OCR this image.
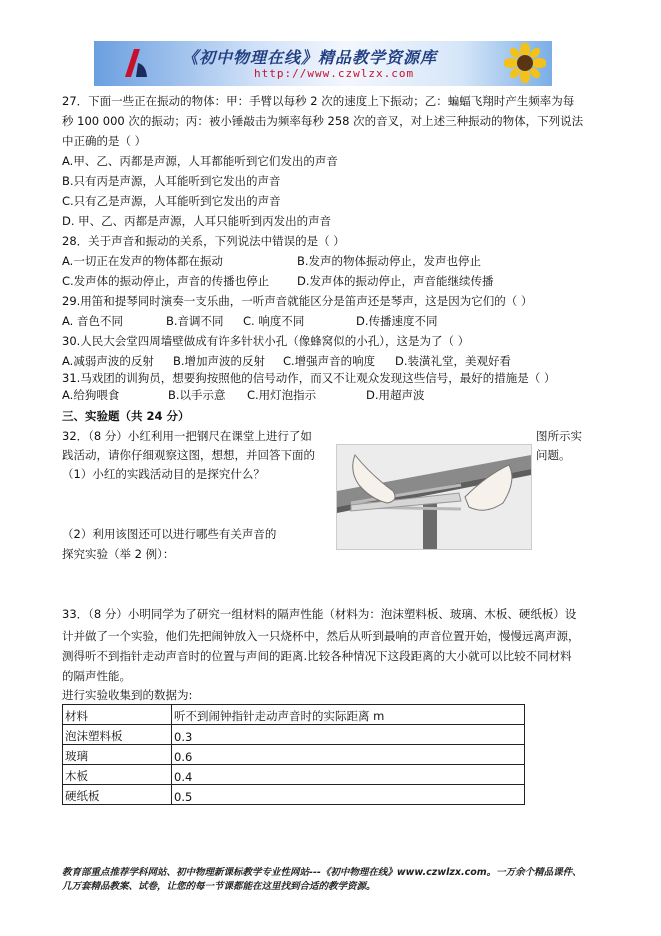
《初中物理在线》精品教学资源库
http://www.czwlzx.com
27．下面一些正在振动的物体：甲：手臂以每秒 2 次的速度上下振动；乙：蝙蝠飞翔时产生频率为每
秒 100 000 次的振动；丙：被小锤敲击为频率每秒 258 次的音叉，对上述三种振动的物体，下列说法
中正确的是（ ）
A.甲、乙、丙都是声源，人耳都能听到它们发出的声音
B.只有丙是声源，人耳能听到它发出的声音
C.只有乙是声源，人耳能听到它发出的声音
D. 甲、乙、丙都是声源，人耳只能听到丙发出的声音
28．关于声音和振动的关系，下列说法中错误的是（ ）
A.一切正在发声的物体都在振动	B.发声的物体振动停止，发声也停止
C.发声体的振动停止，声音的传播也停止 D.发声体的振动停止，声音能继续传播
29.用笛和提琴同时演奏一支乐曲，一听声音就能区分是笛声还是琴声，这是因为它们的（ ）
A. 音色不同	B.音调不同 C. 响度不同	D.传播速度不同
30.人民大会堂四周墙壁做成有许多针状小孔（像蜂窝似的小孔），这是为了（ ）
A.减弱声波的反射 B.增加声波的反射 C.增强声音的响度 D.装潢礼堂，美观好看
31.马戏团的训狗员，想要狗按照他的信号动作，而又不让观众发现这些信号，最好的措施是（ ）
A.给狗喂食	B.以手示意 C.用灯泡指示	D.用超声波
三、实验题（共 24 分）
32．（8 分）小红利用一把钢尺在课堂上进行了如	图所示实
践活动，请你仔细观察这图，想想，并回答下面的	问题。
（1）小红的实践活动目的是探究什么？
（2）利用该图还可以进行哪些有关声音的
探究实验（举 2 例）：
33．（8 分）小明同学为了研究一组材料的隔声性能（材料为：泡沫塑料板、玻璃、木板、硬纸板）设
计并做了一个实验，他们先把闹钟放入一只烧杯中，然后从听到最响的声音位置开始，慢慢远离声源，
测得听不到指针走动声音时的位置与声间的距离.比较各种情况下这段距离的大小就可以比较不同材料
的隔声性能。
进行实验收集到的数据为:
材料	听不到闹钟指针走动声音时的实际距离 m
泡沫塑料板	0.3
玻璃	0.6
木板	0.4
硬纸板	0.5
教育部重点推荐学科网站、初中物理新课标教学专业性网站---《初中物理在线》www.czwlzx.com。一万余个精品课件、
几万套精品教案、试卷，让您的每一节课都能在这里找到合适的教学资源。
